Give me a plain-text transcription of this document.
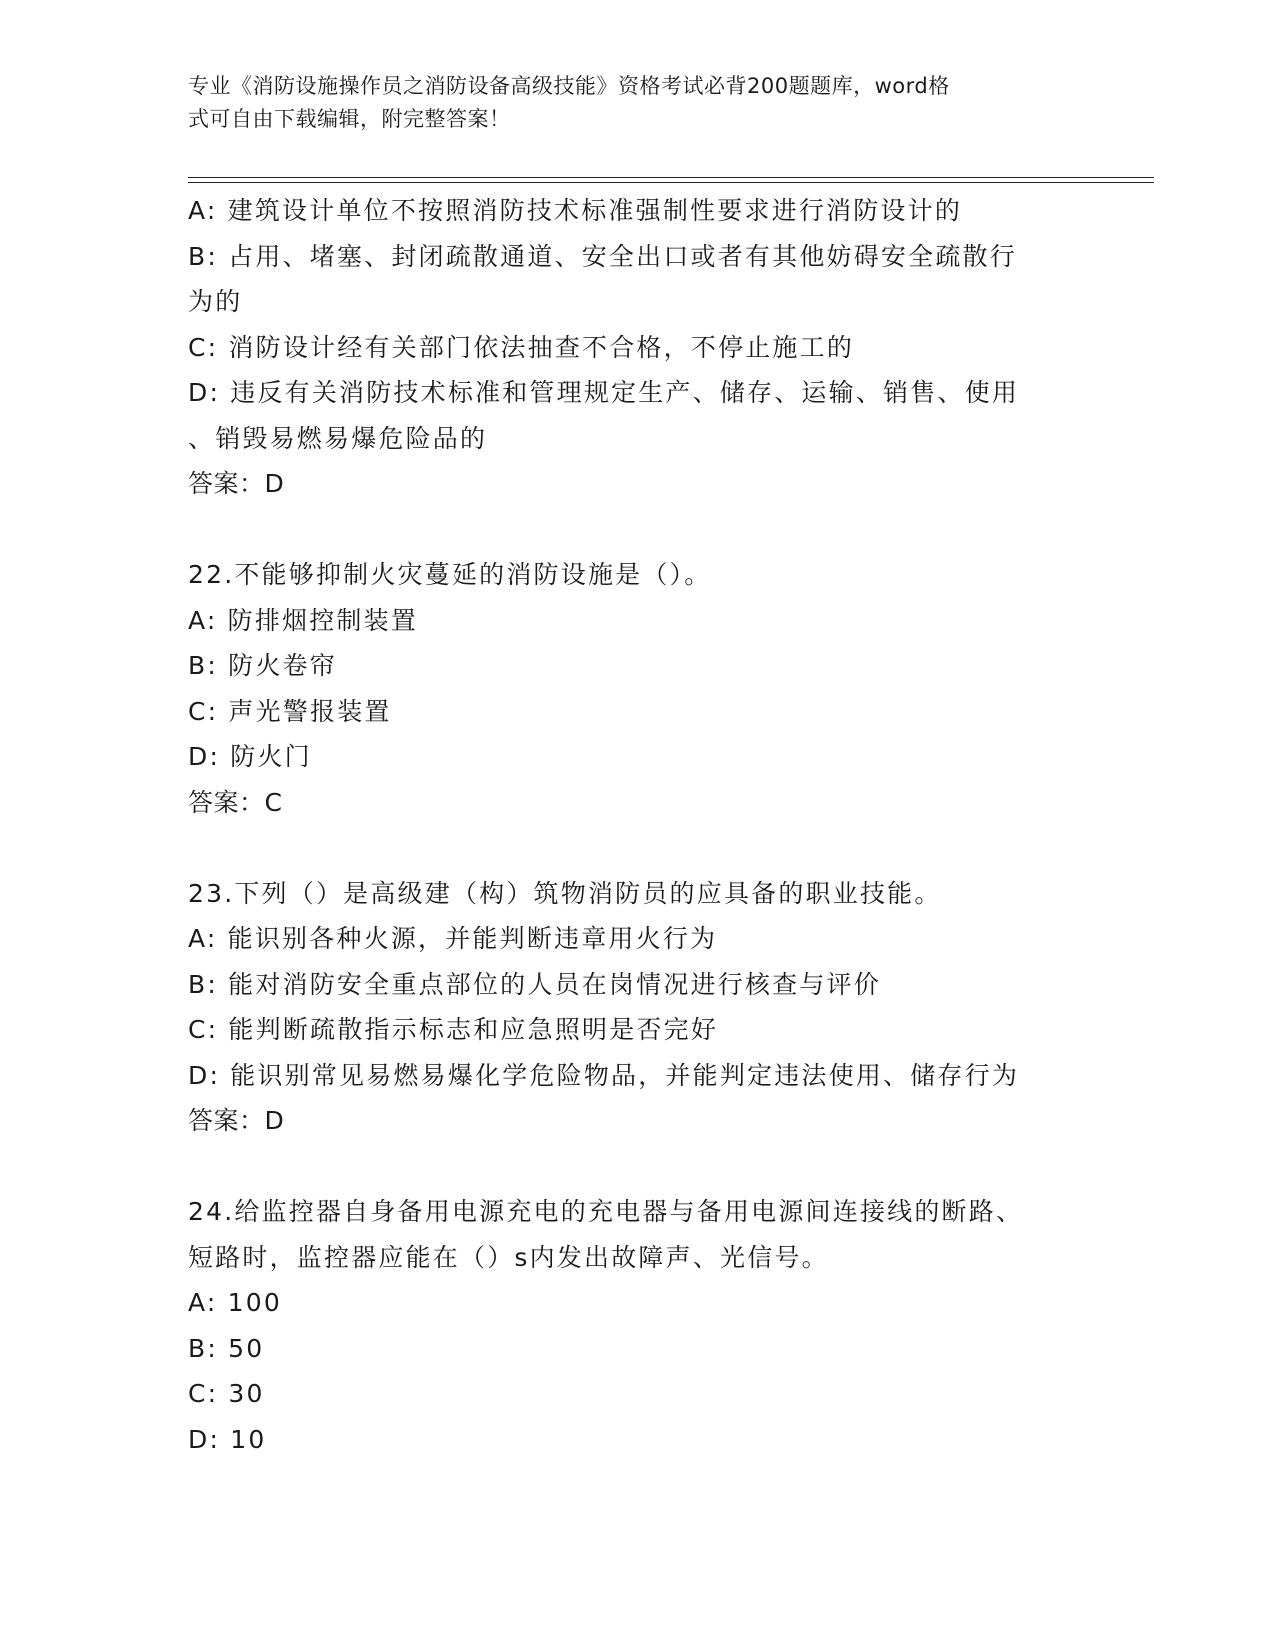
专业《消防设施操作员之消防设备高级技能》资格考试必背200题题库，word格
式可自由下载编辑，附完整答案！
A: 建筑设计单位不按照消防技术标准强制性要求进行消防设计的
B: 占用、堵塞、封闭疏散通道、安全出口或者有其他妨碍安全疏散行
为的
C: 消防设计经有关部门依法抽查不合格，不停止施工的
D: 违反有关消防技术标准和管理规定生产、储存、运输、销售、使用
、销毁易燃易爆危险品的
答案：D
22.不能够抑制火灾蔓延的消防设施是（）。
A: 防排烟控制装置
B: 防火卷帘
C: 声光警报装置
D: 防火门
答案：C
23.下列（）是高级建（构）筑物消防员的应具备的职业技能。
A: 能识别各种火源，并能判断违章用火行为
B: 能对消防安全重点部位的人员在岗情况进行核查与评价
C: 能判断疏散指示标志和应急照明是否完好
D: 能识别常见易燃易爆化学危险物品，并能判定违法使用、储存行为
答案：D
24.给监控器自身备用电源充电的充电器与备用电源间连接线的断路、
短路时，监控器应能在（）s内发出故障声、光信号。
A: 100
B: 50
C: 30
D: 10
